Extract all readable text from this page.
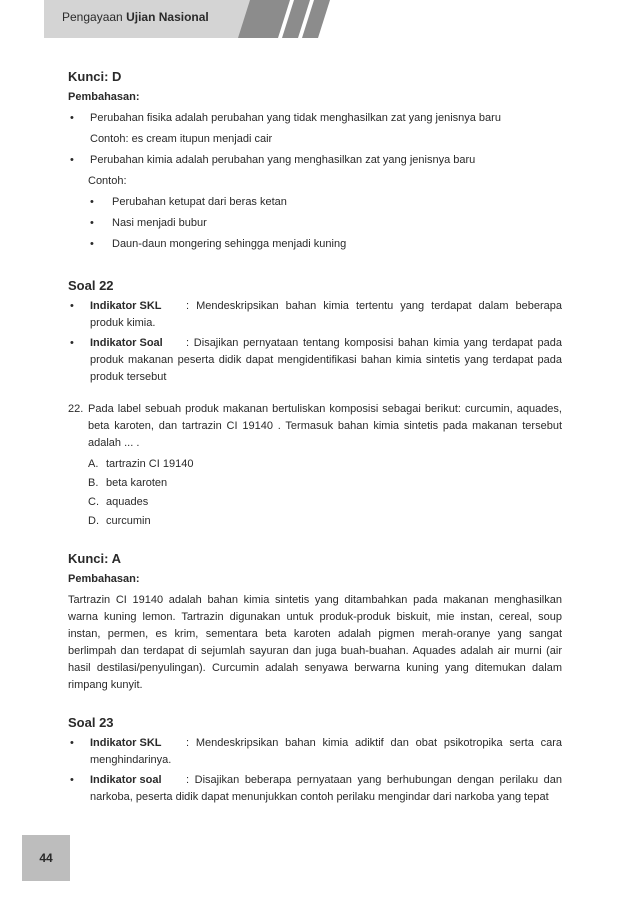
Pengayaan Ujian Nasional
Kunci: D
Pembahasan:
•	Perubahan fisika adalah perubahan yang tidak menghasilkan zat yang jenisnya baru
Contoh: es cream itupun menjadi cair
•	Perubahan kimia adalah perubahan yang menghasilkan zat yang jenisnya baru
Contoh:
•	Perubahan ketupat dari beras ketan
•	Nasi menjadi bubur
•	Daun-daun mongering sehingga menjadi kuning
Soal 22
•	Indikator SKL : Mendeskripsikan bahan kimia tertentu yang terdapat dalam beberapa produk kimia.
•	Indikator Soal : Disajikan pernyataan tentang komposisi bahan kimia yang terdapat pada produk makanan peserta didik dapat mengidentifikasi bahan kimia sintetis yang terdapat pada produk tersebut
22. Pada label sebuah produk makanan bertuliskan komposisi sebagai berikut: curcumin, aquades, beta karoten, dan tartrazin CI 19140 . Termasuk bahan kimia sintetis pada makanan tersebut adalah ... .
A. tartrazin CI 19140
B. beta karoten
C. aquades
D. curcumin
Kunci: A
Pembahasan:
Tartrazin CI 19140 adalah bahan kimia sintetis yang ditambahkan pada makanan menghasilkan warna kuning lemon. Tartrazin digunakan untuk produk-produk biskuit, mie instan, cereal, soup instan, permen, es krim, sementara beta karoten adalah pigmen merah-oranye yang sangat berlimpah dan terdapat di sejumlah sayuran dan juga buah-buahan. Aquades adalah air murni (air hasil destilasi/penyulingan). Curcumin adalah senyawa berwarna kuning yang ditemukan dalam rimpang kunyit.
Soal 23
•	Indikator SKL : Mendeskripsikan bahan kimia adiktif dan obat psikotropika serta cara menghindarinya.
•	Indikator soal : Disajikan beberapa pernyataan yang berhubungan dengan perilaku dan narkoba, peserta didik dapat menunjukkan contoh perilaku mengindar dari narkoba yang tepat
44
